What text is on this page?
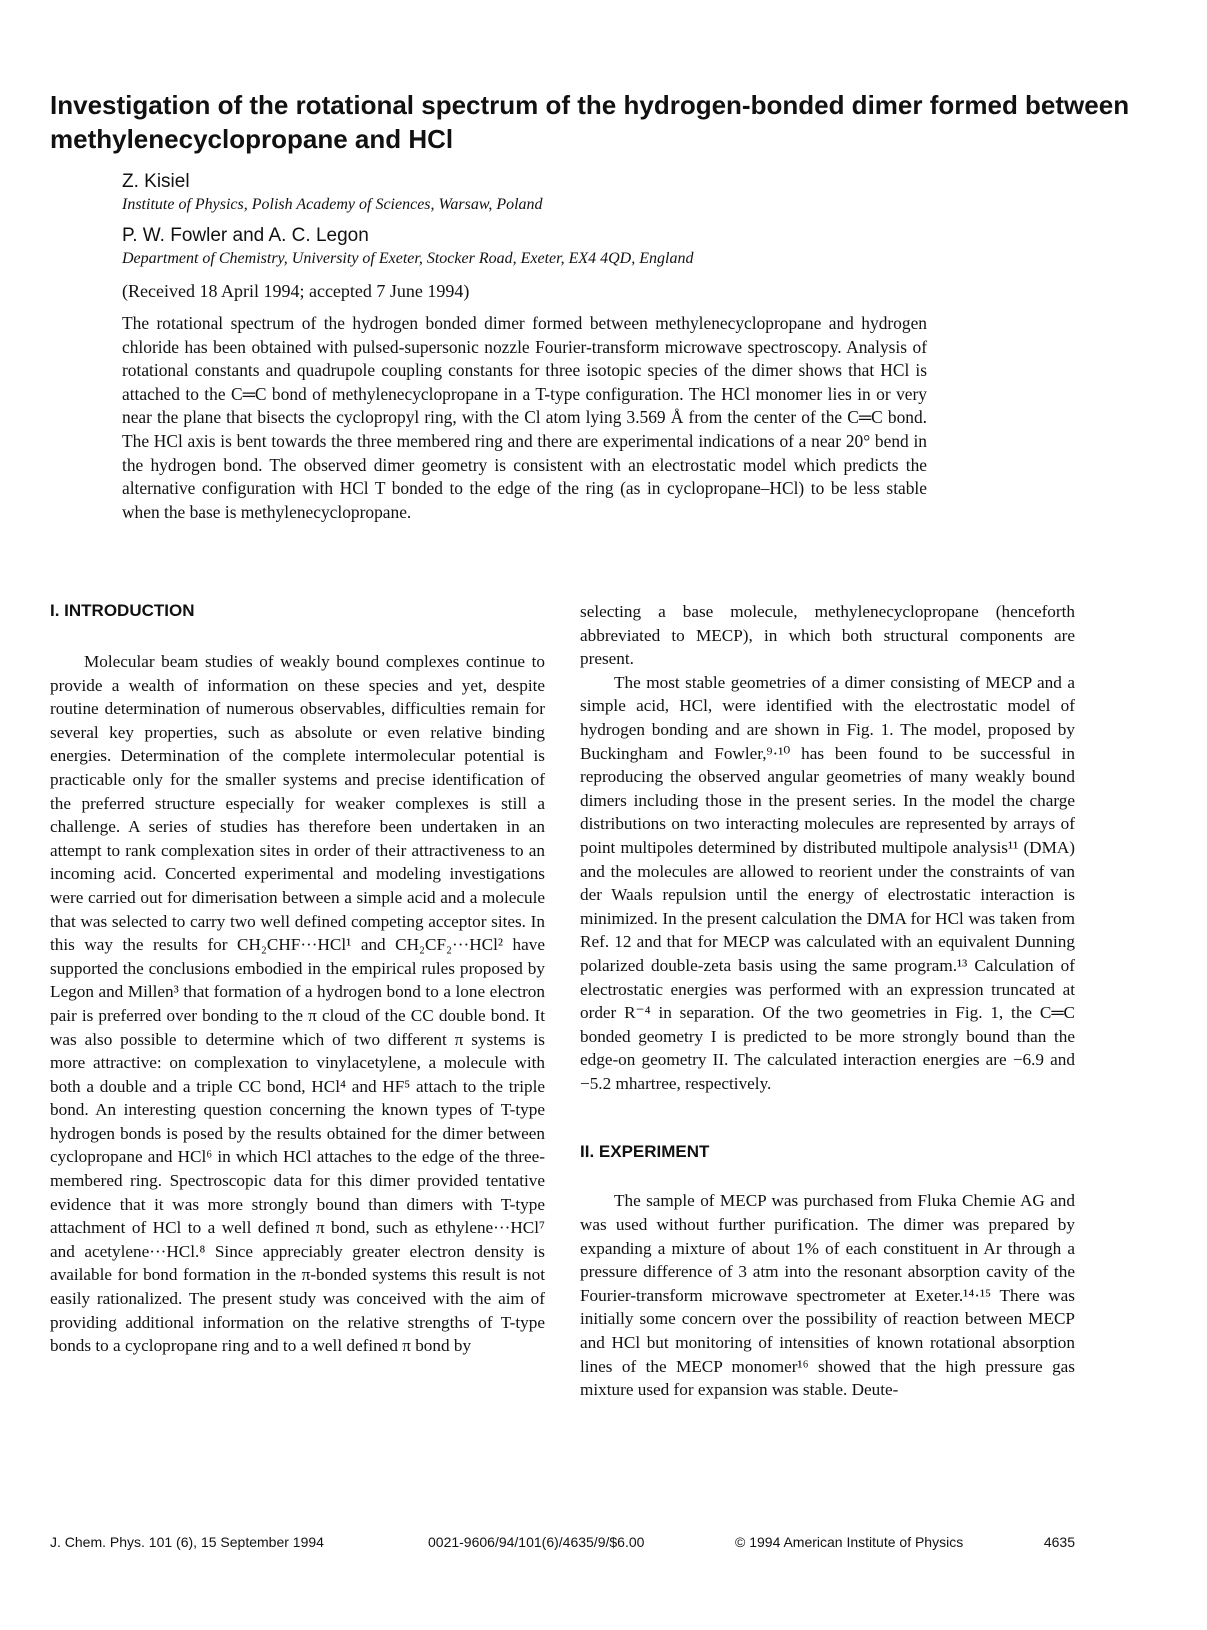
Investigation of the rotational spectrum of the hydrogen-bonded dimer formed between methylenecyclopropane and HCl
Z. Kisiel
Institute of Physics, Polish Academy of Sciences, Warsaw, Poland
P. W. Fowler and A. C. Legon
Department of Chemistry, University of Exeter, Stocker Road, Exeter, EX4 4QD, England
(Received 18 April 1994; accepted 7 June 1994)

The rotational spectrum of the hydrogen bonded dimer formed between methylenecyclopropane and hydrogen chloride has been obtained with pulsed-supersonic nozzle Fourier-transform microwave spectroscopy. Analysis of rotational constants and quadrupole coupling constants for three isotopic species of the dimer shows that HCl is attached to the C═C bond of methylenecyclopropane in a T-type configuration. The HCl monomer lies in or very near the plane that bisects the cyclopropyl ring, with the Cl atom lying 3.569 Å from the center of the C═C bond. The HCl axis is bent towards the three membered ring and there are experimental indications of a near 20° bend in the hydrogen bond. The observed dimer geometry is consistent with an electrostatic model which predicts the alternative configuration with HCl T bonded to the edge of the ring (as in cyclopropane–HCl) to be less stable when the base is methylenecyclopropane.

I. INTRODUCTION

Molecular beam studies of weakly bound complexes continue to provide a wealth of information on these species and yet, despite routine determination of numerous observables, difficulties remain for several key properties, such as absolute or even relative binding energies. Determination of the complete intermolecular potential is practicable only for the smaller systems and precise identification of the preferred structure especially for weaker complexes is still a challenge. A series of studies has therefore been undertaken in an attempt to rank complexation sites in order of their attractiveness to an incoming acid. Concerted experimental and modeling investigations were carried out for dimerisation between a simple acid and a molecule that was selected to carry two well defined competing acceptor sites. In this way the results for CH₂CHF···HCl¹ and CH₂CF₂···HCl² have supported the conclusions embodied in the empirical rules proposed by Legon and Millen³ that formation of a hydrogen bond to a lone electron pair is preferred over bonding to the π cloud of the CC double bond. It was also possible to determine which of two different π systems is more attractive: on complexation to vinylacetylene, a molecule with both a double and a triple CC bond, HCl⁴ and HF⁵ attach to the triple bond. An interesting question concerning the known types of T-type hydrogen bonds is posed by the results obtained for the dimer between cyclopropane and HCl⁶ in which HCl attaches to the edge of the three-membered ring. Spectroscopic data for this dimer provided tentative evidence that it was more strongly bound than dimers with T-type attachment of HCl to a well defined π bond, such as ethylene···HCl⁷ and acetylene···HCl.⁸ Since appreciably greater electron density is available for bond formation in the π-bonded systems this result is not easily rationalized. The present study was conceived with the aim of providing additional information on the relative strengths of T-type bonds to a cyclopropane ring and to a well defined π bond by

selecting a base molecule, methylenecyclopropane (henceforth abbreviated to MECP), in which both structural components are present.

The most stable geometries of a dimer consisting of MECP and a simple acid, HCl, were identified with the electrostatic model of hydrogen bonding and are shown in Fig. 1. The model, proposed by Buckingham and Fowler,⁹·¹⁰ has been found to be successful in reproducing the observed angular geometries of many weakly bound dimers including those in the present series. In the model the charge distributions on two interacting molecules are represented by arrays of point multipoles determined by distributed multipole analysis¹¹ (DMA) and the molecules are allowed to reorient under the constraints of van der Waals repulsion until the energy of electrostatic interaction is minimized. In the present calculation the DMA for HCl was taken from Ref. 12 and that for MECP was calculated with an equivalent Dunning polarized double-zeta basis using the same program.¹³ Calculation of electrostatic energies was performed with an expression truncated at order R⁻⁴ in separation. Of the two geometries in Fig. 1, the C═C bonded geometry I is predicted to be more strongly bound than the edge-on geometry II. The calculated interaction energies are −6.9 and −5.2 mhartree, respectively.

II. EXPERIMENT

The sample of MECP was purchased from Fluka Chemie AG and was used without further purification. The dimer was prepared by expanding a mixture of about 1% of each constituent in Ar through a pressure difference of 3 atm into the resonant absorption cavity of the Fourier-transform microwave spectrometer at Exeter.¹⁴·¹⁵ There was initially some concern over the possibility of reaction between MECP and HCl but monitoring of intensities of known rotational absorption lines of the MECP monomer¹⁶ showed that the high pressure gas mixture used for expansion was stable. Deute-

J. Chem. Phys. 101 (6), 15 September 1994	0021-9606/94/101(6)/4635/9/$6.00	© 1994 American Institute of Physics	4635
